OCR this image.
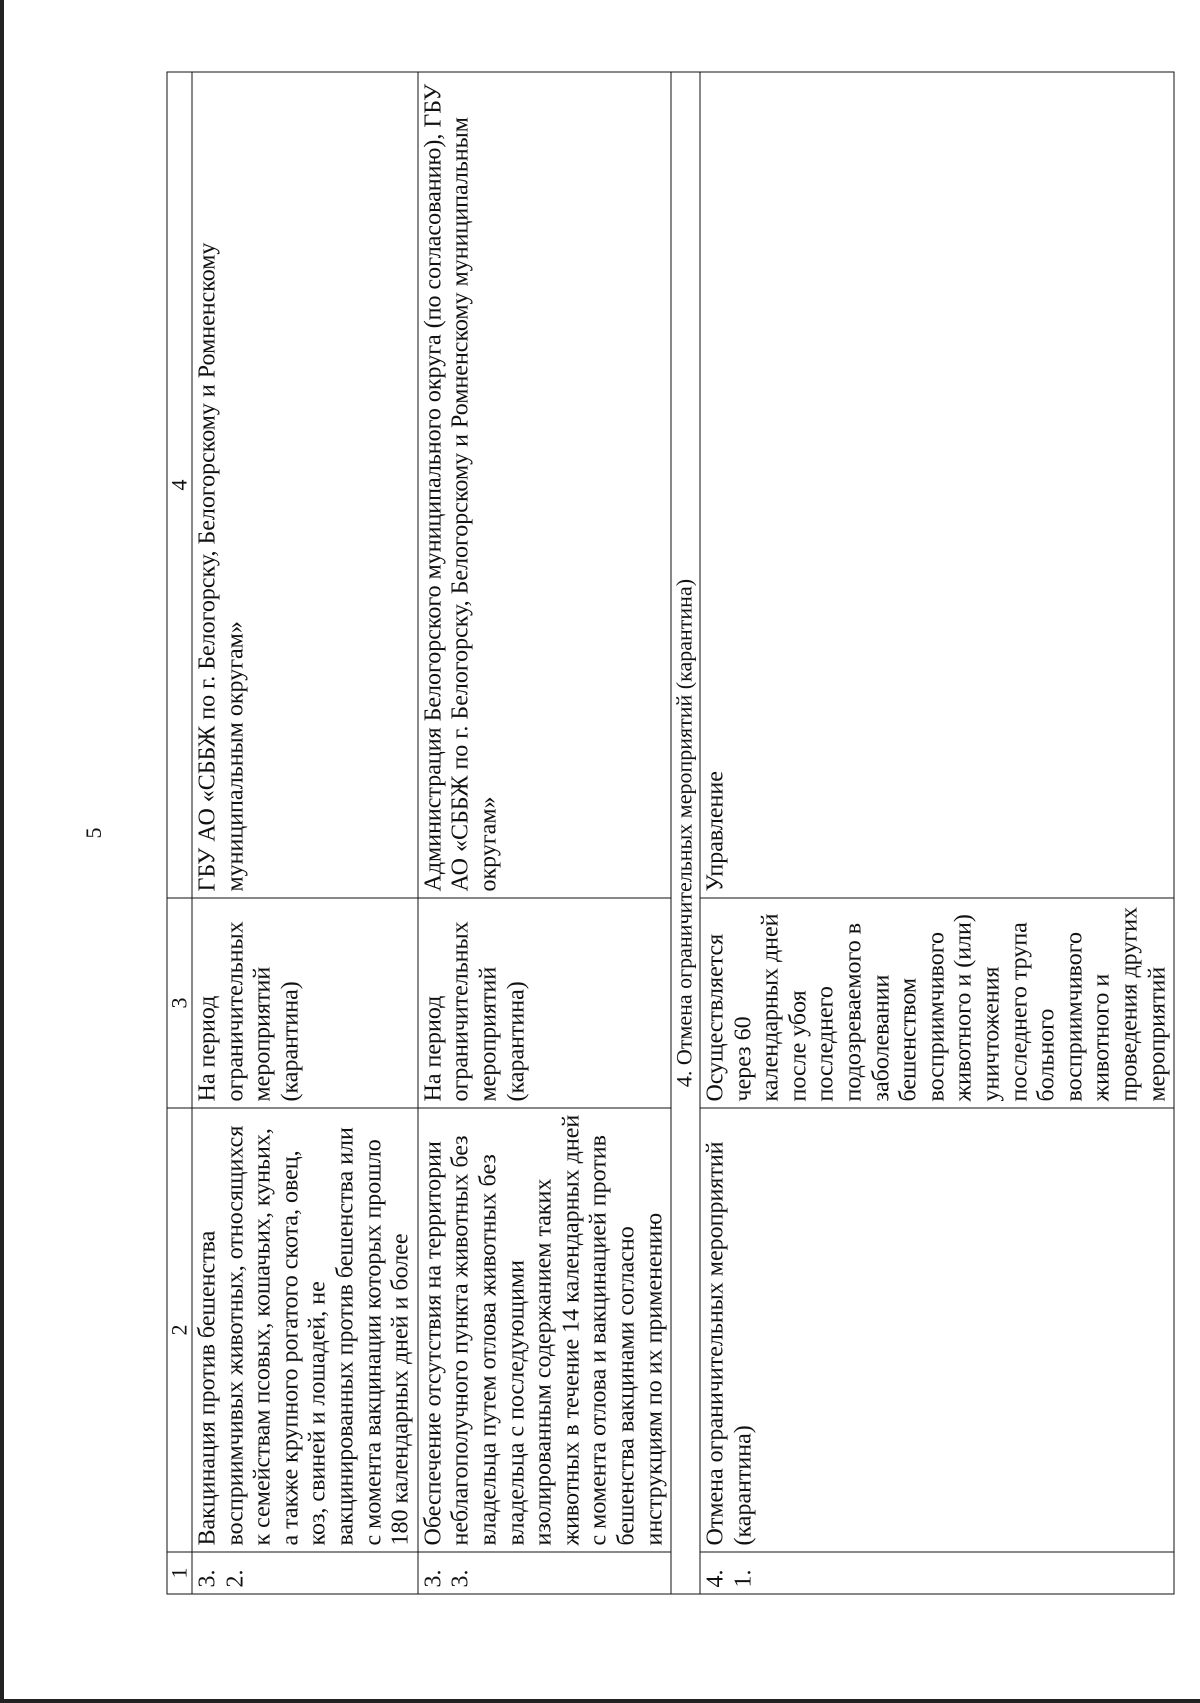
5
1	2	3	4
3.2.	Вакцинация против бешенства восприимчивых животных, относящихся к семействам псовых, кошачьих, куньих, а также крупного рогатого скота, овец, коз, свиней и лошадей, не вакцинированных против бешенства или с момента вакцинации которых прошло 180 календарных дней и более	На период ограничительных мероприятий (карантина)	ГБУ АО «СББЖ по г. Белогорску, Белогорскому и Ромненскому муниципальным округам»
3.3.	Обеспечение отсутствия на территории неблагополучного пункта животных без владельца путем отлова животных без владельца с последующими изолированным содержанием таких животных в течение 14 календарных дней с момента отлова и вакцинацией против бешенства вакцинами согласно инструкциям по их применению	На период ограничительных мероприятий (карантина)	Администрация Белогорского муниципального округа (по согласованию), ГБУ АО «СББЖ по г. Белогорску, Белогорскому и Ромненскому муниципальным округам»
4. Отмена ограничительных мероприятий (карантина)			
4.1.	Отмена ограничительных мероприятий (карантина)	Осуществляется через 60 календарных дней после убоя последнего подозреваемого в заболевании бешенством восприимчивого животного и (или) уничтожения последнего трупа больного восприимчивого животного и проведения других мероприятий	Управление
